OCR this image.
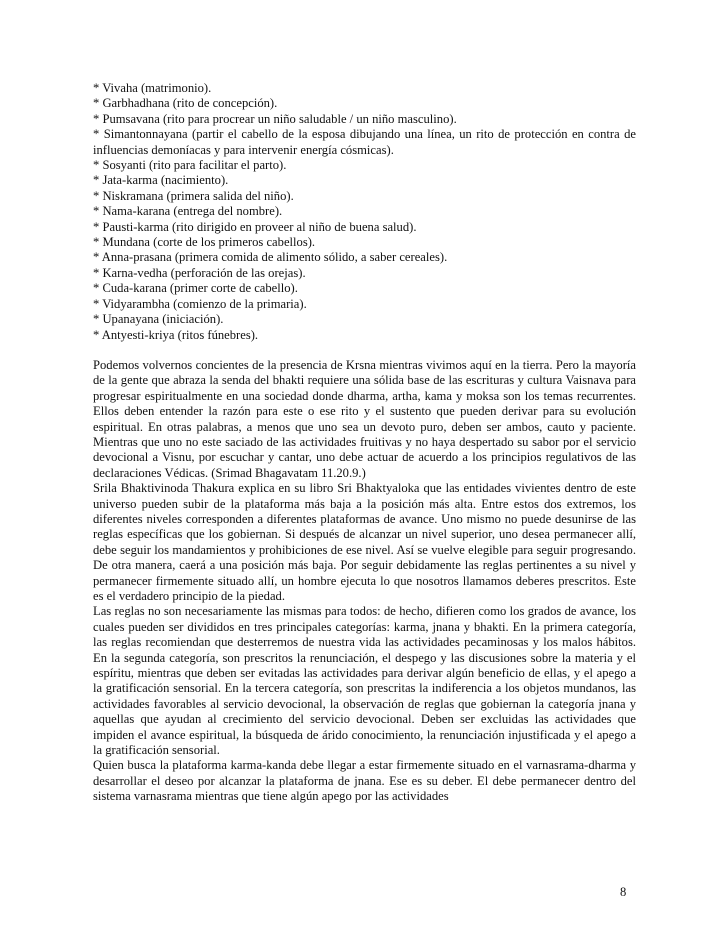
* Vivaha (matrimonio).
* Garbhadhana (rito de concepción).
* Pumsavana (rito para procrear un niño saludable / un niño masculino).
* Simantonnayana (partir el cabello de la esposa dibujando una línea, un rito de protección en contra de influencias demoníacas y para intervenir energía cósmicas).
* Sosyanti (rito para facilitar el parto).
* Jata-karma (nacimiento).
* Niskramana (primera salida del niño).
* Nama-karana (entrega del nombre).
* Pausti-karma (rito dirigido en proveer al niño de buena salud).
* Mundana (corte de los primeros cabellos).
* Anna-prasana (primera comida de alimento sólido, a saber cereales).
* Karna-vedha (perforación de las orejas).
* Cuda-karana (primer corte de cabello).
* Vidyarambha (comienzo de la primaria).
* Upanayana (iniciación).
* Antyesti-kriya (ritos fúnebres).

Podemos volvernos concientes de la presencia de Krsna mientras vivimos aquí en la tierra. Pero la mayoría de la gente que abraza la senda del bhakti requiere una sólida base de las escrituras y cultura Vaisnava para progresar espiritualmente en una sociedad donde dharma, artha, kama y moksa son los temas recurrentes. Ellos deben entender la razón para este o ese rito y el sustento que pueden derivar para su evolución espiritual. En otras palabras, a menos que uno sea un devoto puro, deben ser ambos, cauto y paciente. Mientras que uno no este saciado de las actividades fruitivas y no haya despertado su sabor por el servicio devocional a Visnu, por escuchar y cantar, uno debe actuar de acuerdo a los principios regulativos de las declaraciones Védicas. (Srimad Bhagavatam 11.20.9.)

Srila Bhaktivinoda Thakura explica en su libro Sri Bhaktyaloka que las entidades vivientes dentro de este universo pueden subir de la plataforma más baja a la posición más alta. Entre estos dos extremos, los diferentes niveles corresponden a diferentes plataformas de avance. Uno mismo no puede desunirse de las reglas específicas que los gobiernan. Si después de alcanzar un nivel superior, uno desea permanecer allí, debe seguir los mandamientos y prohibiciones de ese nivel. Así se vuelve elegible para seguir progresando. De otra manera, caerá a una posición más baja. Por seguir debidamente las reglas pertinentes a su nivel y permanecer firmemente situado allí, un hombre ejecuta lo que nosotros llamamos deberes prescritos. Este es el verdadero principio de la piedad.

Las reglas no son necesariamente las mismas para todos: de hecho, difieren como los grados de avance, los cuales pueden ser divididos en tres principales categorías: karma, jnana y bhakti. En la primera categoría, las reglas recomiendan que desterremos de nuestra vida las actividades pecaminosas y los malos hábitos. En la segunda categoría, son prescritos la renunciación, el despego y las discusiones sobre la materia y el espíritu, mientras que deben ser evitadas las actividades para derivar algún beneficio de ellas, y el apego a la gratificación sensorial. En la tercera categoría, son prescritas la indiferencia a los objetos mundanos, las actividades favorables al servicio devocional, la observación de reglas que gobiernan la categoría jnana y aquellas que ayudan al crecimiento del servicio devocional. Deben ser excluidas las actividades que impiden el avance espiritual, la búsqueda de árido conocimiento, la renunciación injustificada y el apego a la gratificación sensorial.

Quien busca la plataforma karma-kanda debe llegar a estar firmemente situado en el varnasrama-dharma y desarrollar el deseo por alcanzar la plataforma de jnana. Ese es su deber. El debe permanecer dentro del sistema varnasrama mientras que tiene algún apego por las actividades

8
